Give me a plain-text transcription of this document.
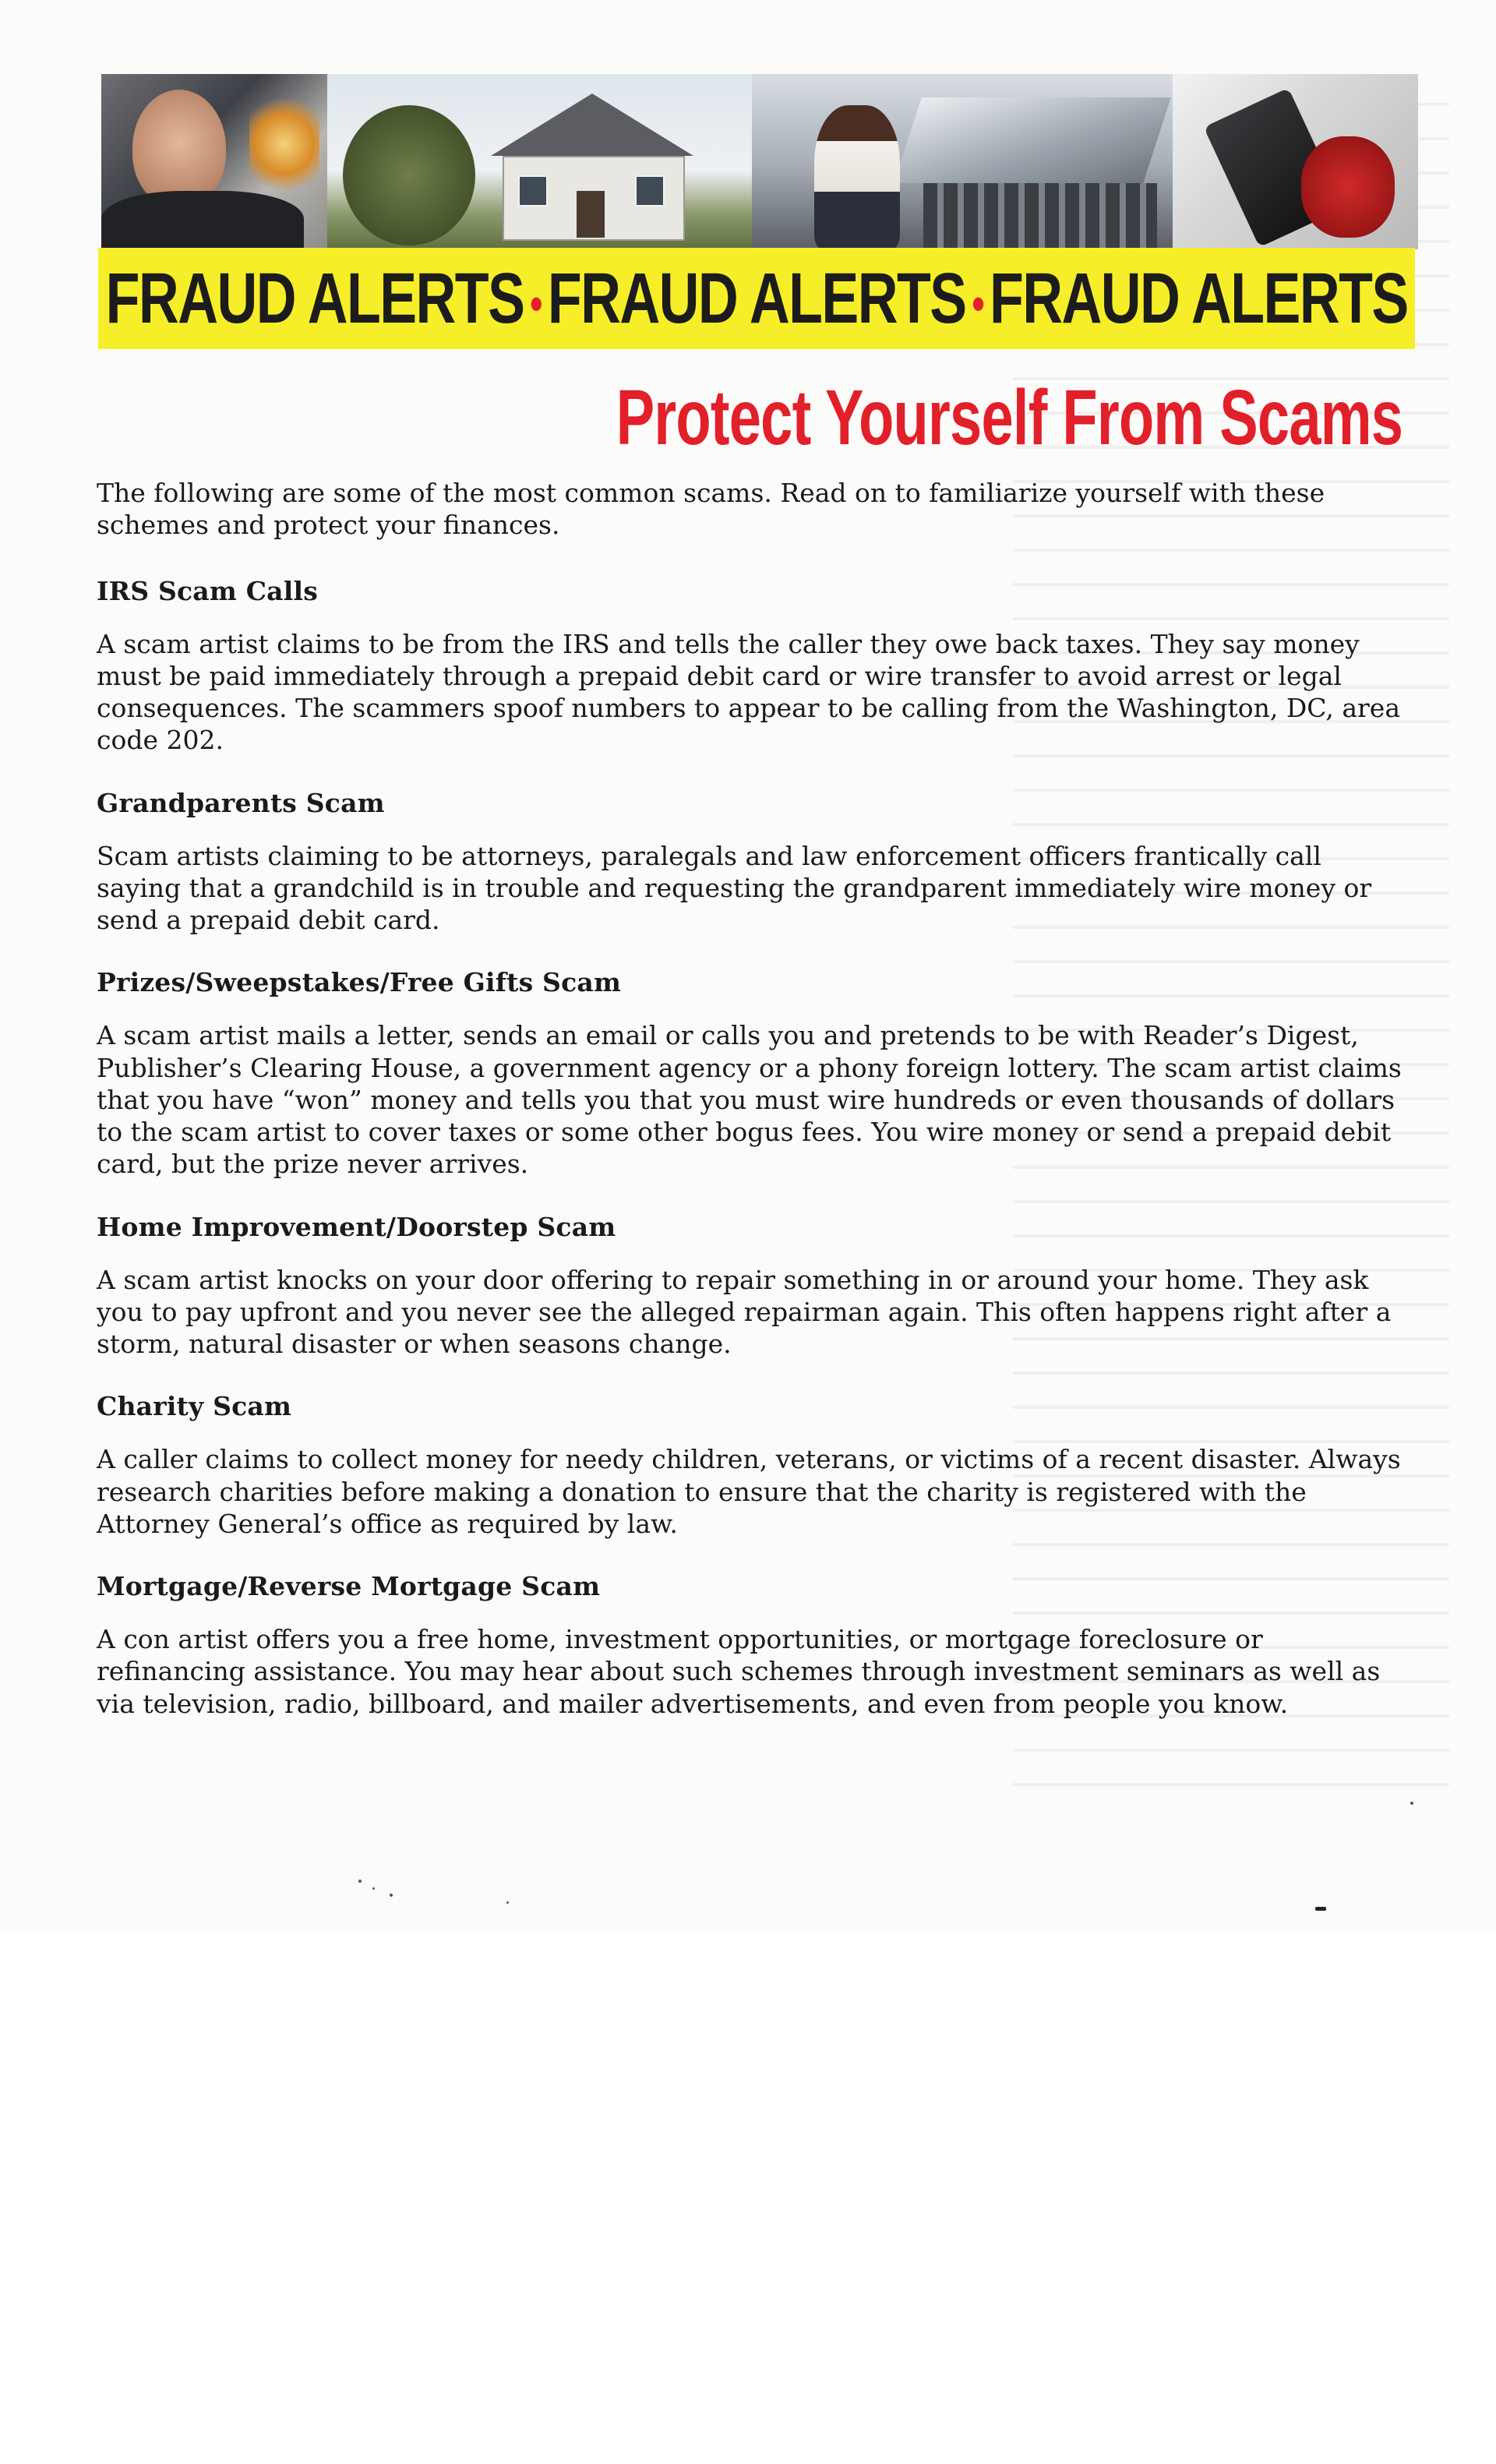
FRAUD ALERTS •FRAUD ALERTS •FRAUD ALERTS
Protect Yourself From Scams

The following are some of the most common scams. Read on to familiarize yourself with these schemes and protect your finances.

IRS Scam Calls

A scam artist claims to be from the IRS and tells the caller they owe back taxes. They say money must be paid immediately through a prepaid debit card or wire transfer to avoid arrest or legal consequences. The scammers spoof numbers to appear to be calling from the Washington, DC, area code 202.

Grandparents Scam

Scam artists claiming to be attorneys, paralegals and law enforcement officers frantically call saying that a grandchild is in trouble and requesting the grandparent immediately wire money or send a prepaid debit card.

Prizes/Sweepstakes/Free Gifts Scam

A scam artist mails a letter, sends an email or calls you and pretends to be with Reader’s Digest, Publisher’s Clearing House, a government agency or a phony foreign lottery. The scam artist claims that you have “won” money and tells you that you must wire hundreds or even thousands of dollars to the scam artist to cover taxes or some other bogus fees. You wire money or send a prepaid debit card, but the prize never arrives.

Home Improvement/Doorstep Scam

A scam artist knocks on your door offering to repair something in or around your home. They ask you to pay upfront and you never see the alleged repairman again. This often happens right after a storm, natural disaster or when seasons change.

Charity Scam

A caller claims to collect money for needy children, veterans, or victims of a recent disaster. Always research charities before making a donation to ensure that the charity is registered with the Attorney General’s office as required by law.

Mortgage/Reverse Mortgage Scam

A con artist offers you a free home, investment opportunities, or mortgage foreclosure or refinancing assistance. You may hear about such schemes through investment seminars as well as via television, radio, billboard, and mailer advertisements, and even from people you know.
